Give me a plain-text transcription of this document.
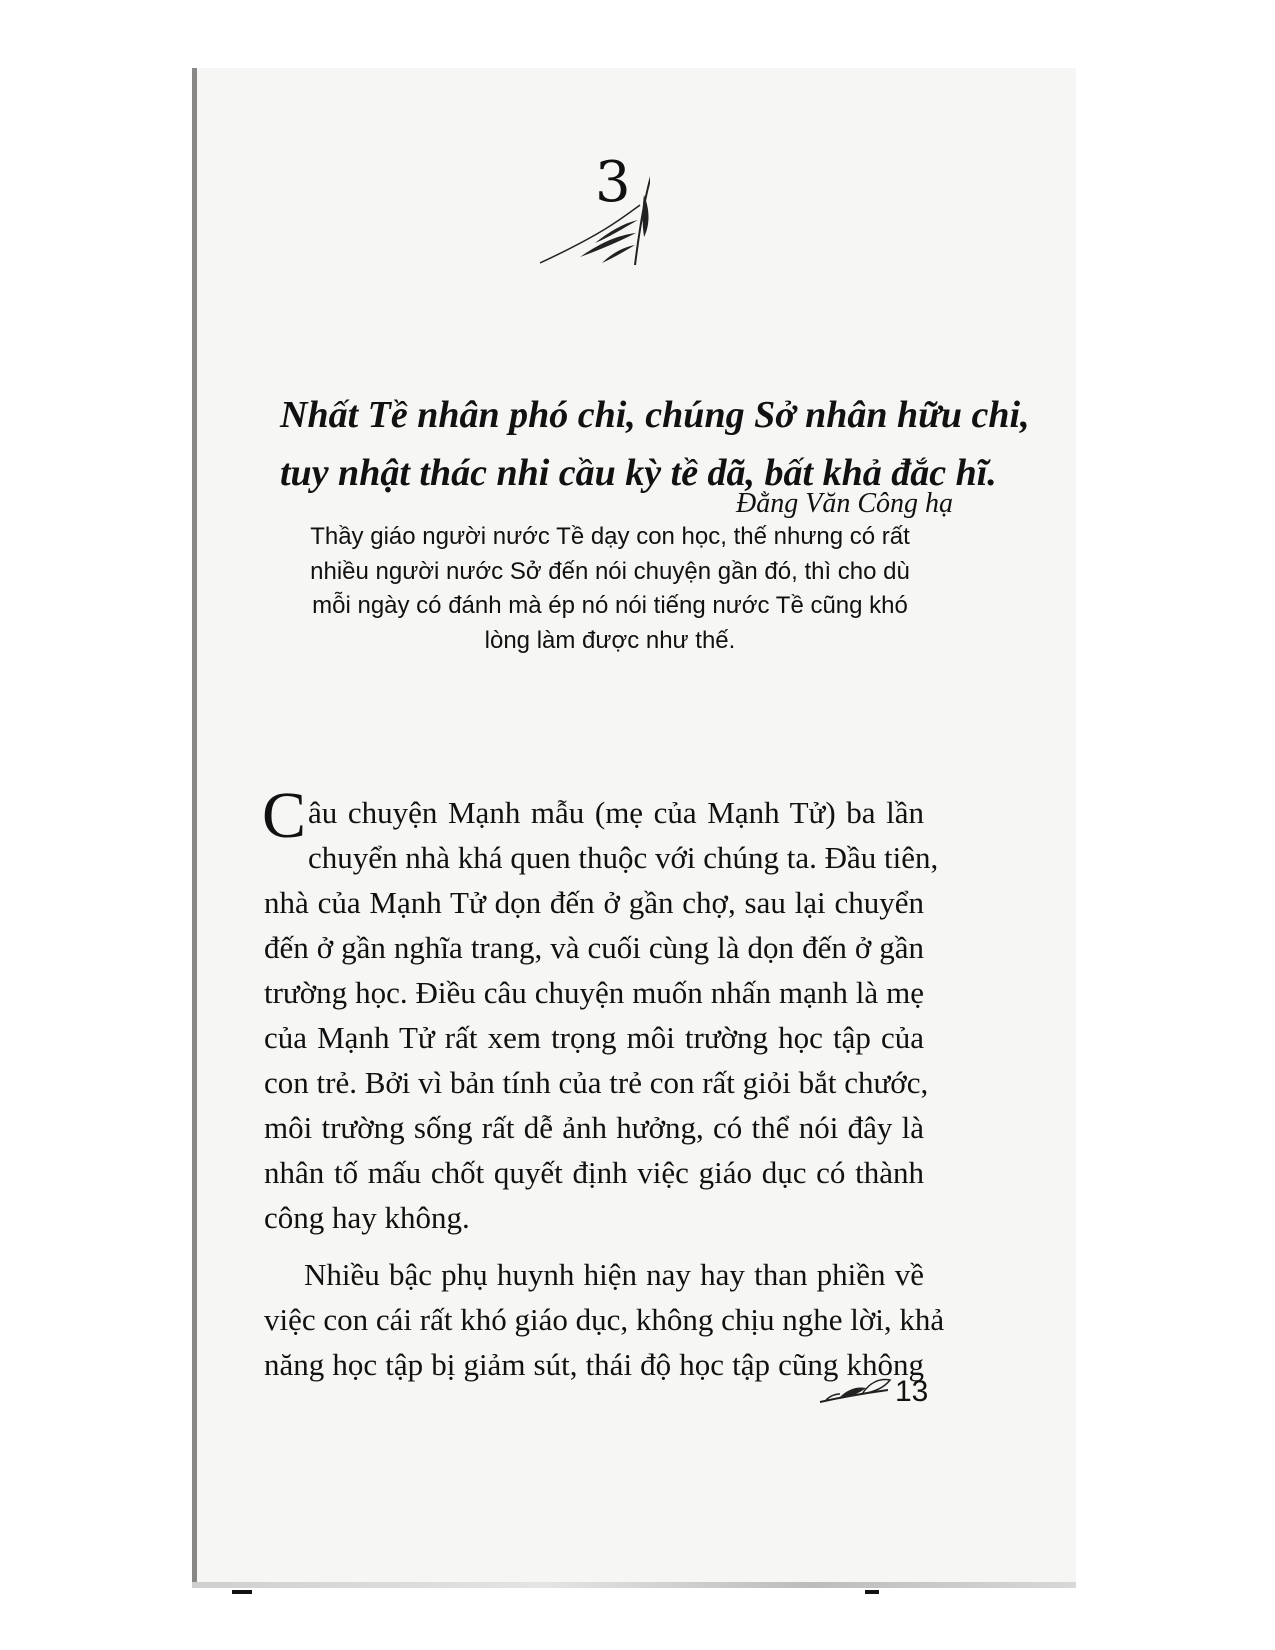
3
Nhất Tề nhân phó chi, chúng Sở nhân hữu chi,
tuy nhật thác nhi cầu kỳ tề dã, bất khả đắc hĩ.
Đằng Văn Công hạ
Thầy giáo người nước Tề dạy con học, thế nhưng có rất
nhiều người nước Sở đến nói chuyện gần đó, thì cho dù
mỗi ngày có đánh mà ép nó nói tiếng nước Tề cũng khó
lòng làm được như thế.

C âu chuyện Mạnh mẫu (mẹ của Mạnh Tử) ba lần
chuyển nhà khá quen thuộc với chúng ta. Đầu tiên,
nhà của Mạnh Tử dọn đến ở gần chợ, sau lại chuyển
đến ở gần nghĩa trang, và cuối cùng là dọn đến ở gần
trường học. Điều câu chuyện muốn nhấn mạnh là mẹ
của Mạnh Tử rất xem trọng môi trường học tập của
con trẻ. Bởi vì bản tính của trẻ con rất giỏi bắt chước,
môi trường sống rất dễ ảnh hưởng, có thể nói đây là
nhân tố mấu chốt quyết định việc giáo dục có thành
công hay không.

Nhiều bậc phụ huynh hiện nay hay than phiền về
việc con cái rất khó giáo dục, không chịu nghe lời, khả
năng học tập bị giảm sút, thái độ học tập cũng không

13
